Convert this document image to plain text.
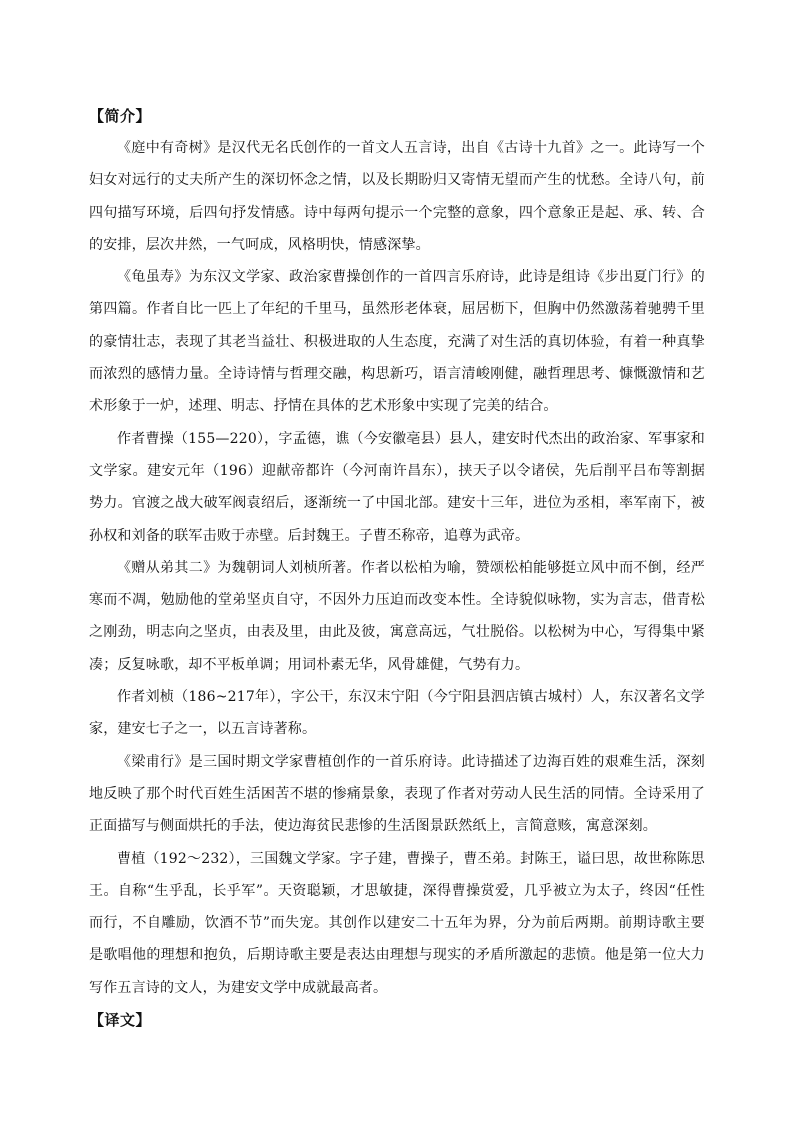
【简介】

《庭中有奇树》是汉代无名氏创作的一首文人五言诗，出自《古诗十九首》之一。此诗写一个妇女对远行的丈夫所产生的深切怀念之情，以及长期盼归又寄情无望而产生的忧愁。全诗八句，前四句描写环境，后四句抒发情感。诗中每两句提示一个完整的意象，四个意象正是起、承、转、合的安排，层次井然，一气呵成，风格明快，情感深挚。

《龟虽寿》为东汉文学家、政治家曹操创作的一首四言乐府诗，此诗是组诗《步出夏门行》的第四篇。作者自比一匹上了年纪的千里马，虽然形老体衰，屈居枥下，但胸中仍然激荡着驰骋千里的豪情壮志，表现了其老当益壮、积极进取的人生态度，充满了对生活的真切体验，有着一种真挚而浓烈的感情力量。全诗诗情与哲理交融，构思新巧，语言清峻刚健，融哲理思考、慷慨激情和艺术形象于一炉，述理、明志、抒情在具体的艺术形象中实现了完美的结合。

作者曹操（155—220），字孟德，谯（今安徽亳县）县人，建安时代杰出的政治家、军事家和文学家。建安元年（196）迎献帝都许（今河南许昌东），挟天子以令诸侯，先后削平吕布等割据势力。官渡之战大破军阀袁绍后，逐渐统一了中国北部。建安十三年，进位为丞相，率军南下，被孙权和刘备的联军击败于赤壁。后封魏王。子曹丕称帝，追尊为武帝。

《赠从弟其二》为魏朝词人刘桢所著。作者以松柏为喻，赞颂松柏能够挺立风中而不倒，经严寒而不凋，勉励他的堂弟坚贞自守，不因外力压迫而改变本性。全诗貌似咏物，实为言志，借青松之刚劲，明志向之坚贞，由表及里，由此及彼，寓意高远，气壮脱俗。以松树为中心，写得集中紧凑；反复咏歌，却不平板单调；用词朴素无华，风骨雄健，气势有力。

作者刘桢（186~217年），字公干，东汉末宁阳（今宁阳县泗店镇古城村）人，东汉著名文学家，建安七子之一，以五言诗著称。

《梁甫行》是三国时期文学家曹植创作的一首乐府诗。此诗描述了边海百姓的艰难生活，深刻地反映了那个时代百姓生活困苦不堪的惨痛景象，表现了作者对劳动人民生活的同情。全诗采用了正面描写与侧面烘托的手法，使边海贫民悲惨的生活图景跃然纸上，言简意赅，寓意深刻。

曹植（192～232），三国魏文学家。字子建，曹操子，曹丕弟。封陈王，谥曰思，故世称陈思王。自称“生乎乱，长乎军”。天资聪颖，才思敏捷，深得曹操赏爱，几乎被立为太子，终因“任性而行，不自雕励，饮酒不节”而失宠。其创作以建安二十五年为界，分为前后两期。前期诗歌主要是歌唱他的理想和抱负，后期诗歌主要是表达由理想与现实的矛盾所激起的悲愤。他是第一位大力写作五言诗的文人，为建安文学中成就最高者。

【译文】
